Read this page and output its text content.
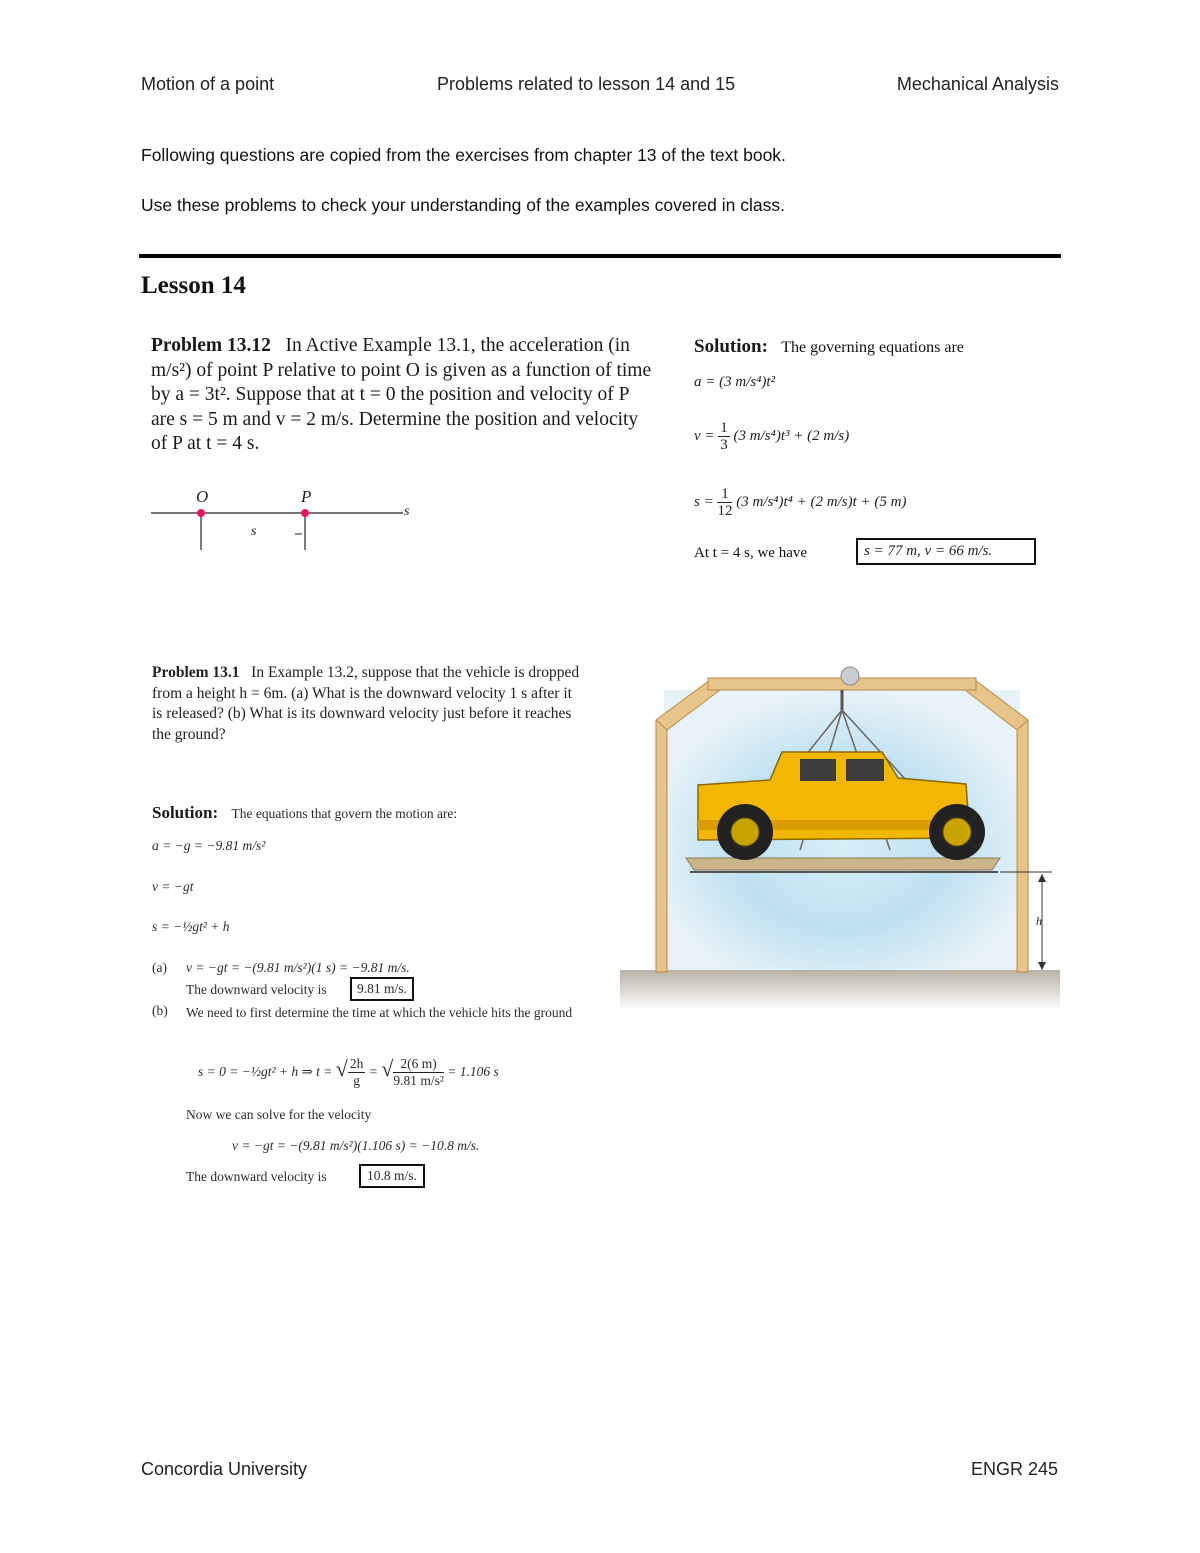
Motion of a point	Problems related to lesson 14 and 15	Mechanical Analysis
Following questions are copied from the exercises from chapter 13 of the text book.
Use these problems to check your understanding of the examples covered in class.
Lesson 14
Problem 13.12 In Active Example 13.1, the acceleration (in m/s²) of point P relative to point O is given as a function of time by a = 3t². Suppose that at t = 0 the position and velocity of P are s = 5 m and v = 2 m/s. Determine the position and velocity of P at t = 4 s.
O	P
s
s
Solution: The governing equations are
a = (3 m/s⁴)t²
$v = \frac{1}{3} (3$ m/s⁴)t³ + (2 m/s)
$s = \frac{1}{12} (3$ m/s⁴)t⁴ + (2 m/s)t + (5 m)
At t = 4 s, we have	s = 77 m, v = 66 m/s.
Problem 13.1 In Example 13.2, suppose that the vehicle is dropped from a height h = 6m. (a) What is the downward velocity 1 s after it is released? (b) What is its downward velocity just before it reaches the ground?
Solution: The equations that govern the motion are:
a = −g = −9.81 m/s²
v = −gt
s = −½gt² + h
(a) v = −gt = −(9.81 m/s²)(1 s) = −9.81 m/s.
The downward velocity is	9.81 m/s.
(b) We need to first determine the time at which the vehicle hits the ground
s = 0 = −½gt² + h ⇒ t = √ $\frac{2h}{g}$ = √ $\frac{2(6 m)}{\text{9.81 m/s²}} = 1.106$ s
Now we can solve for the velocity
v = −gt = −(9.81 m/s²)(1.106 s) = −10.8 m/s.
The downward velocity is	10.8 m/s.
h
Concordia University	ENGR 245
